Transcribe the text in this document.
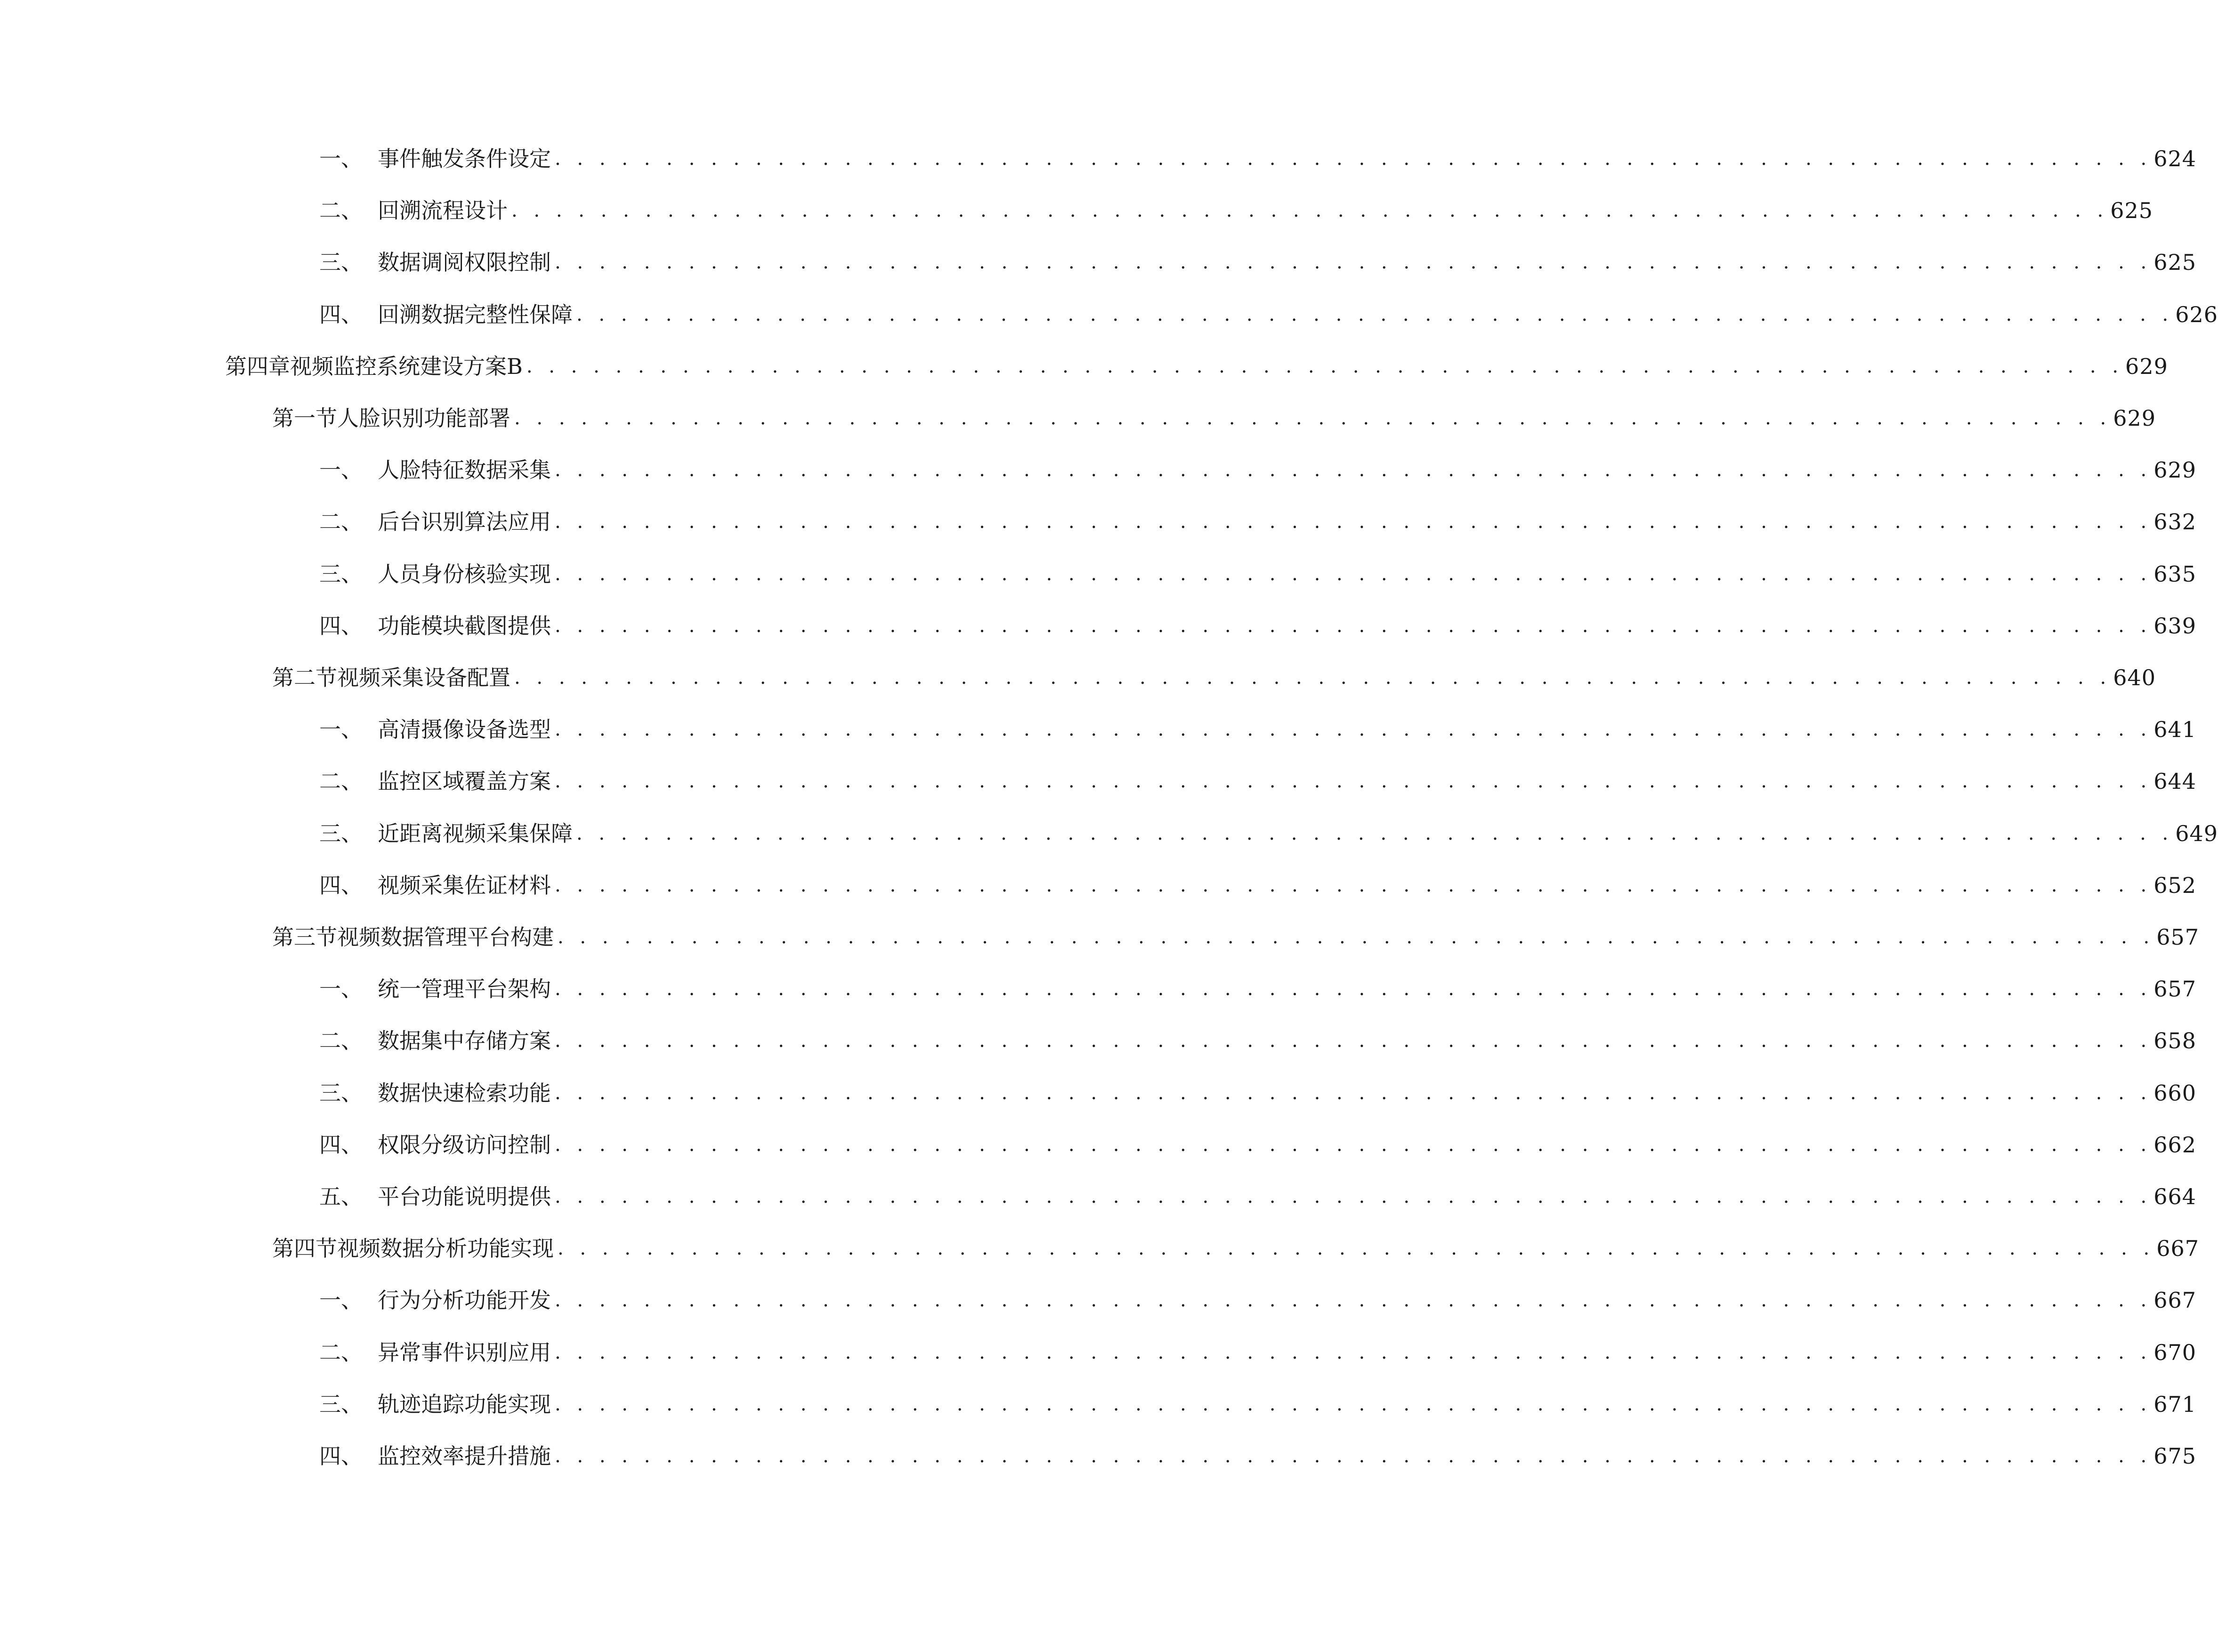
一、 事件触发条件设定 . . . . . . . . . . . . . . . . . . . . . . . . . . . . . . . . . . . . . . . . . . . . . . . . . . . . . . . . . . . . . . . . . . . . . . . . 624
二、 回溯流程设计 . . . . . . . . . . . . . . . . . . . . . . . . . . . . . . . . . . . . . . . . . . . . . . . . . . . . . . . . . . . . . . . . . . . . . . . . 625
三、 数据调阅权限控制 . . . . . . . . . . . . . . . . . . . . . . . . . . . . . . . . . . . . . . . . . . . . . . . . . . . . . . . . . . . . . . . . . . . . . . . . 625
四、 回溯数据完整性保障 . . . . . . . . . . . . . . . . . . . . . . . . . . . . . . . . . . . . . . . . . . . . . . . . . . . . . . . . . . . . . . . . . . . . . . . . 626
第四章 视频监控系统建设方案B . . . . . . . . . . . . . . . . . . . . . . . . . . . . . . . . . . . . . . . . . . . . . . . . . . . . . . . . . . . . . . . . . . . . . . . . 629
第一节 人脸识别功能部署 . . . . . . . . . . . . . . . . . . . . . . . . . . . . . . . . . . . . . . . . . . . . . . . . . . . . . . . . . . . . . . . . . . . . . . . . 629
一、 人脸特征数据采集 . . . . . . . . . . . . . . . . . . . . . . . . . . . . . . . . . . . . . . . . . . . . . . . . . . . . . . . . . . . . . . . . . . . . . . . . 629
二、 后台识别算法应用 . . . . . . . . . . . . . . . . . . . . . . . . . . . . . . . . . . . . . . . . . . . . . . . . . . . . . . . . . . . . . . . . . . . . . . . . 632
三、 人员身份核验实现 . . . . . . . . . . . . . . . . . . . . . . . . . . . . . . . . . . . . . . . . . . . . . . . . . . . . . . . . . . . . . . . . . . . . . . . . 635
四、 功能模块截图提供 . . . . . . . . . . . . . . . . . . . . . . . . . . . . . . . . . . . . . . . . . . . . . . . . . . . . . . . . . . . . . . . . . . . . . . . . 639
第二节 视频采集设备配置 . . . . . . . . . . . . . . . . . . . . . . . . . . . . . . . . . . . . . . . . . . . . . . . . . . . . . . . . . . . . . . . . . . . . . . . . 640
一、 高清摄像设备选型 . . . . . . . . . . . . . . . . . . . . . . . . . . . . . . . . . . . . . . . . . . . . . . . . . . . . . . . . . . . . . . . . . . . . . . . . 641
二、 监控区域覆盖方案 . . . . . . . . . . . . . . . . . . . . . . . . . . . . . . . . . . . . . . . . . . . . . . . . . . . . . . . . . . . . . . . . . . . . . . . . 644
三、 近距离视频采集保障 . . . . . . . . . . . . . . . . . . . . . . . . . . . . . . . . . . . . . . . . . . . . . . . . . . . . . . . . . . . . . . . . . . . . . . . . 649
四、 视频采集佐证材料 . . . . . . . . . . . . . . . . . . . . . . . . . . . . . . . . . . . . . . . . . . . . . . . . . . . . . . . . . . . . . . . . . . . . . . . . 652
第三节 视频数据管理平台构建 . . . . . . . . . . . . . . . . . . . . . . . . . . . . . . . . . . . . . . . . . . . . . . . . . . . . . . . . . . . . . . . . . . . . . . . . 657
一、 统一管理平台架构 . . . . . . . . . . . . . . . . . . . . . . . . . . . . . . . . . . . . . . . . . . . . . . . . . . . . . . . . . . . . . . . . . . . . . . . . 657
二、 数据集中存储方案 . . . . . . . . . . . . . . . . . . . . . . . . . . . . . . . . . . . . . . . . . . . . . . . . . . . . . . . . . . . . . . . . . . . . . . . . 658
三、 数据快速检索功能 . . . . . . . . . . . . . . . . . . . . . . . . . . . . . . . . . . . . . . . . . . . . . . . . . . . . . . . . . . . . . . . . . . . . . . . . 660
四、 权限分级访问控制 . . . . . . . . . . . . . . . . . . . . . . . . . . . . . . . . . . . . . . . . . . . . . . . . . . . . . . . . . . . . . . . . . . . . . . . . 662
五、 平台功能说明提供 . . . . . . . . . . . . . . . . . . . . . . . . . . . . . . . . . . . . . . . . . . . . . . . . . . . . . . . . . . . . . . . . . . . . . . . . 664
第四节 视频数据分析功能实现 . . . . . . . . . . . . . . . . . . . . . . . . . . . . . . . . . . . . . . . . . . . . . . . . . . . . . . . . . . . . . . . . . . . . . . . . 667
一、 行为分析功能开发 . . . . . . . . . . . . . . . . . . . . . . . . . . . . . . . . . . . . . . . . . . . . . . . . . . . . . . . . . . . . . . . . . . . . . . . . 667
二、 异常事件识别应用 . . . . . . . . . . . . . . . . . . . . . . . . . . . . . . . . . . . . . . . . . . . . . . . . . . . . . . . . . . . . . . . . . . . . . . . . 670
三、 轨迹追踪功能实现 . . . . . . . . . . . . . . . . . . . . . . . . . . . . . . . . . . . . . . . . . . . . . . . . . . . . . . . . . . . . . . . . . . . . . . . . 671
四、 监控效率提升措施 . . . . . . . . . . . . . . . . . . . . . . . . . . . . . . . . . . . . . . . . . . . . . . . . . . . . . . . . . . . . . . . . . . . . . . . . 675
